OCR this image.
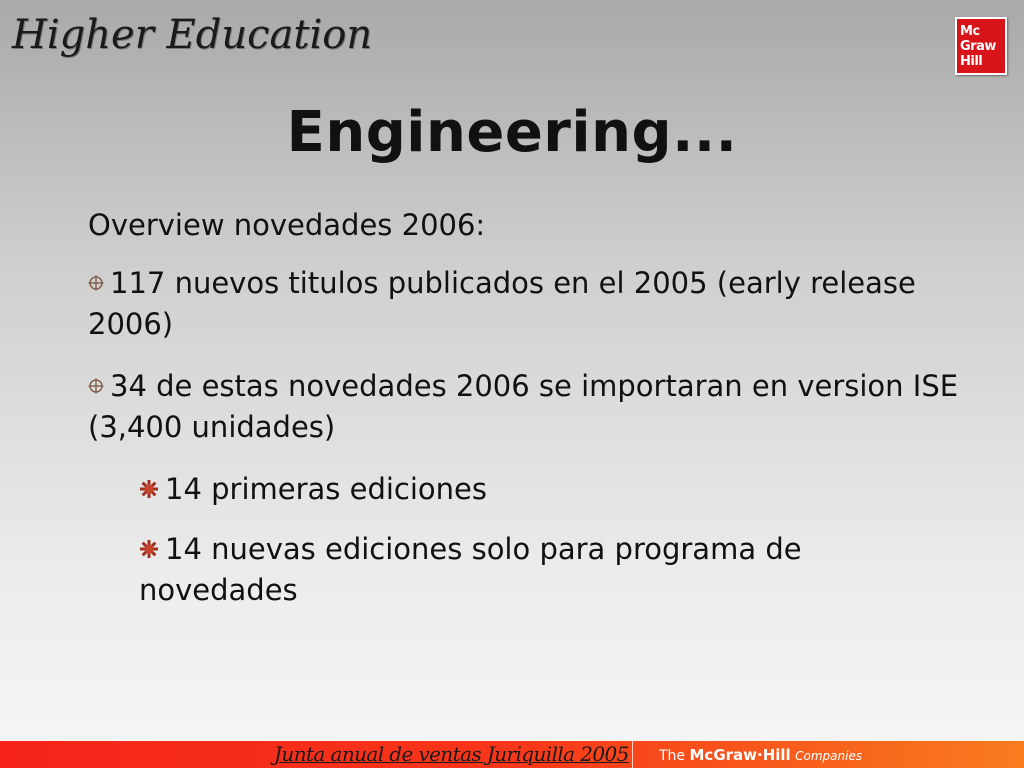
Higher Education	Mc
Graw
Hill
Engineering...

Overview novedades 2006:

117 nuevos titulos publicados en el 2005 (early release 2006)

34 de estas novedades 2006 se importaran en version ISE (3,400 unidades)

14 primeras ediciones

14 nuevas ediciones solo para programa de novedades

Junta anual de ventas Juriquilla 2005 The McGraw·Hill Companies
